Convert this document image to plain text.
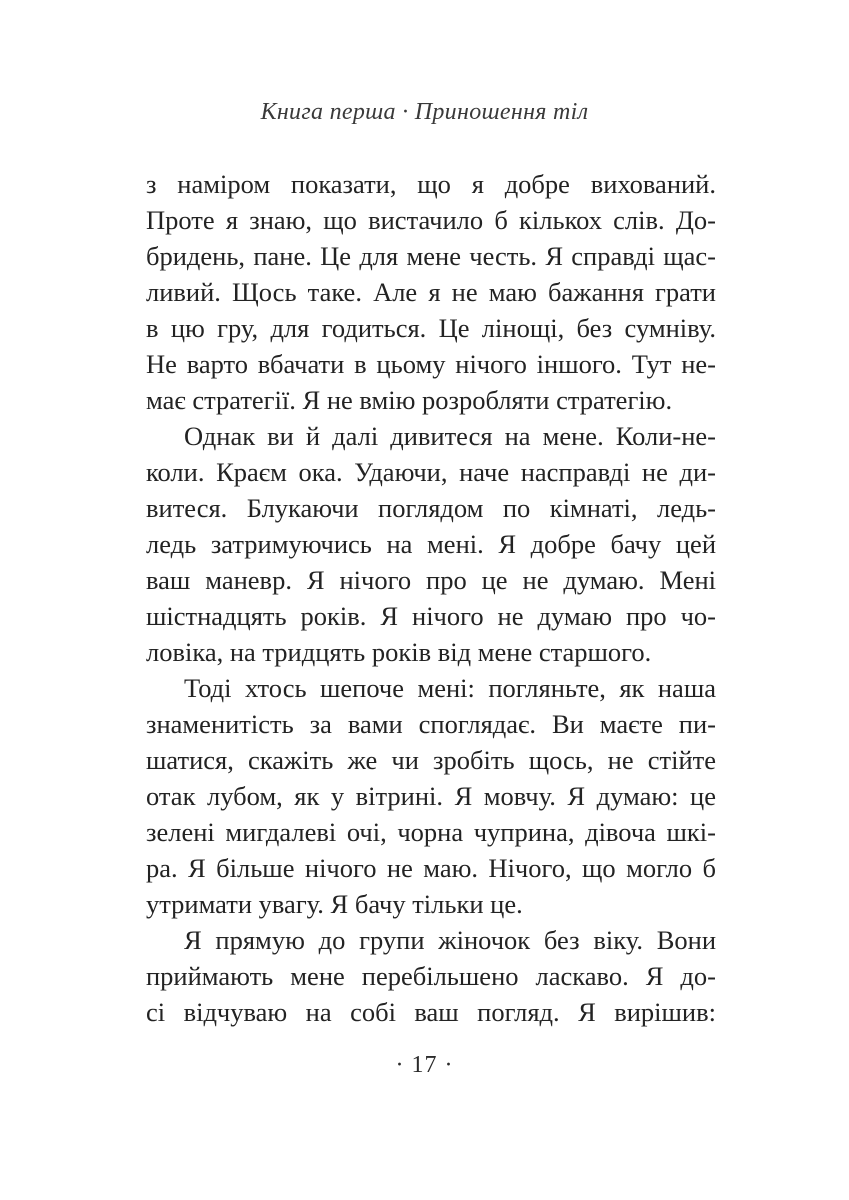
Книга перша · Приношення тіл
з наміром показати, що я добре вихований.
Проте я знаю, що вистачило б кількох слів. До-
бридень, пане. Це для мене честь. Я справді щас-
ливий. Щось таке. Але я не маю бажання грати
в цю гру, для годиться. Це лінощі, без сумніву.
Не варто вбачати в цьому нічого іншого. Тут не-
має стратегії. Я не вмію розробляти стратегію.
Однак ви й далі дивитеся на мене. Коли-не-
коли. Краєм ока. Удаючи, наче насправді не ди-
витеся. Блукаючи поглядом по кімнаті, ледь-
ледь затримуючись на мені. Я добре бачу цей
ваш маневр. Я нічого про це не думаю. Мені
шістнадцять років. Я нічого не думаю про чо-
ловіка, на тридцять років від мене старшого.
Тоді хтось шепоче мені: погляньте, як наша
знаменитість за вами споглядає. Ви маєте пи-
шатися, скажіть же чи зробіть щось, не стійте
отак лубом, як у вітрині. Я мовчу. Я думаю: це
зелені мигдалеві очі, чорна чуприна, дівоча шкі-
ра. Я більше нічого не маю. Нічого, що могло б
утримати увагу. Я бачу тільки це.
Я прямую до групи жіночок без віку. Вони
приймають мене перебільшено ласкаво. Я до-
сі відчуваю на собі ваш погляд. Я вирішив:
· 17 ·
